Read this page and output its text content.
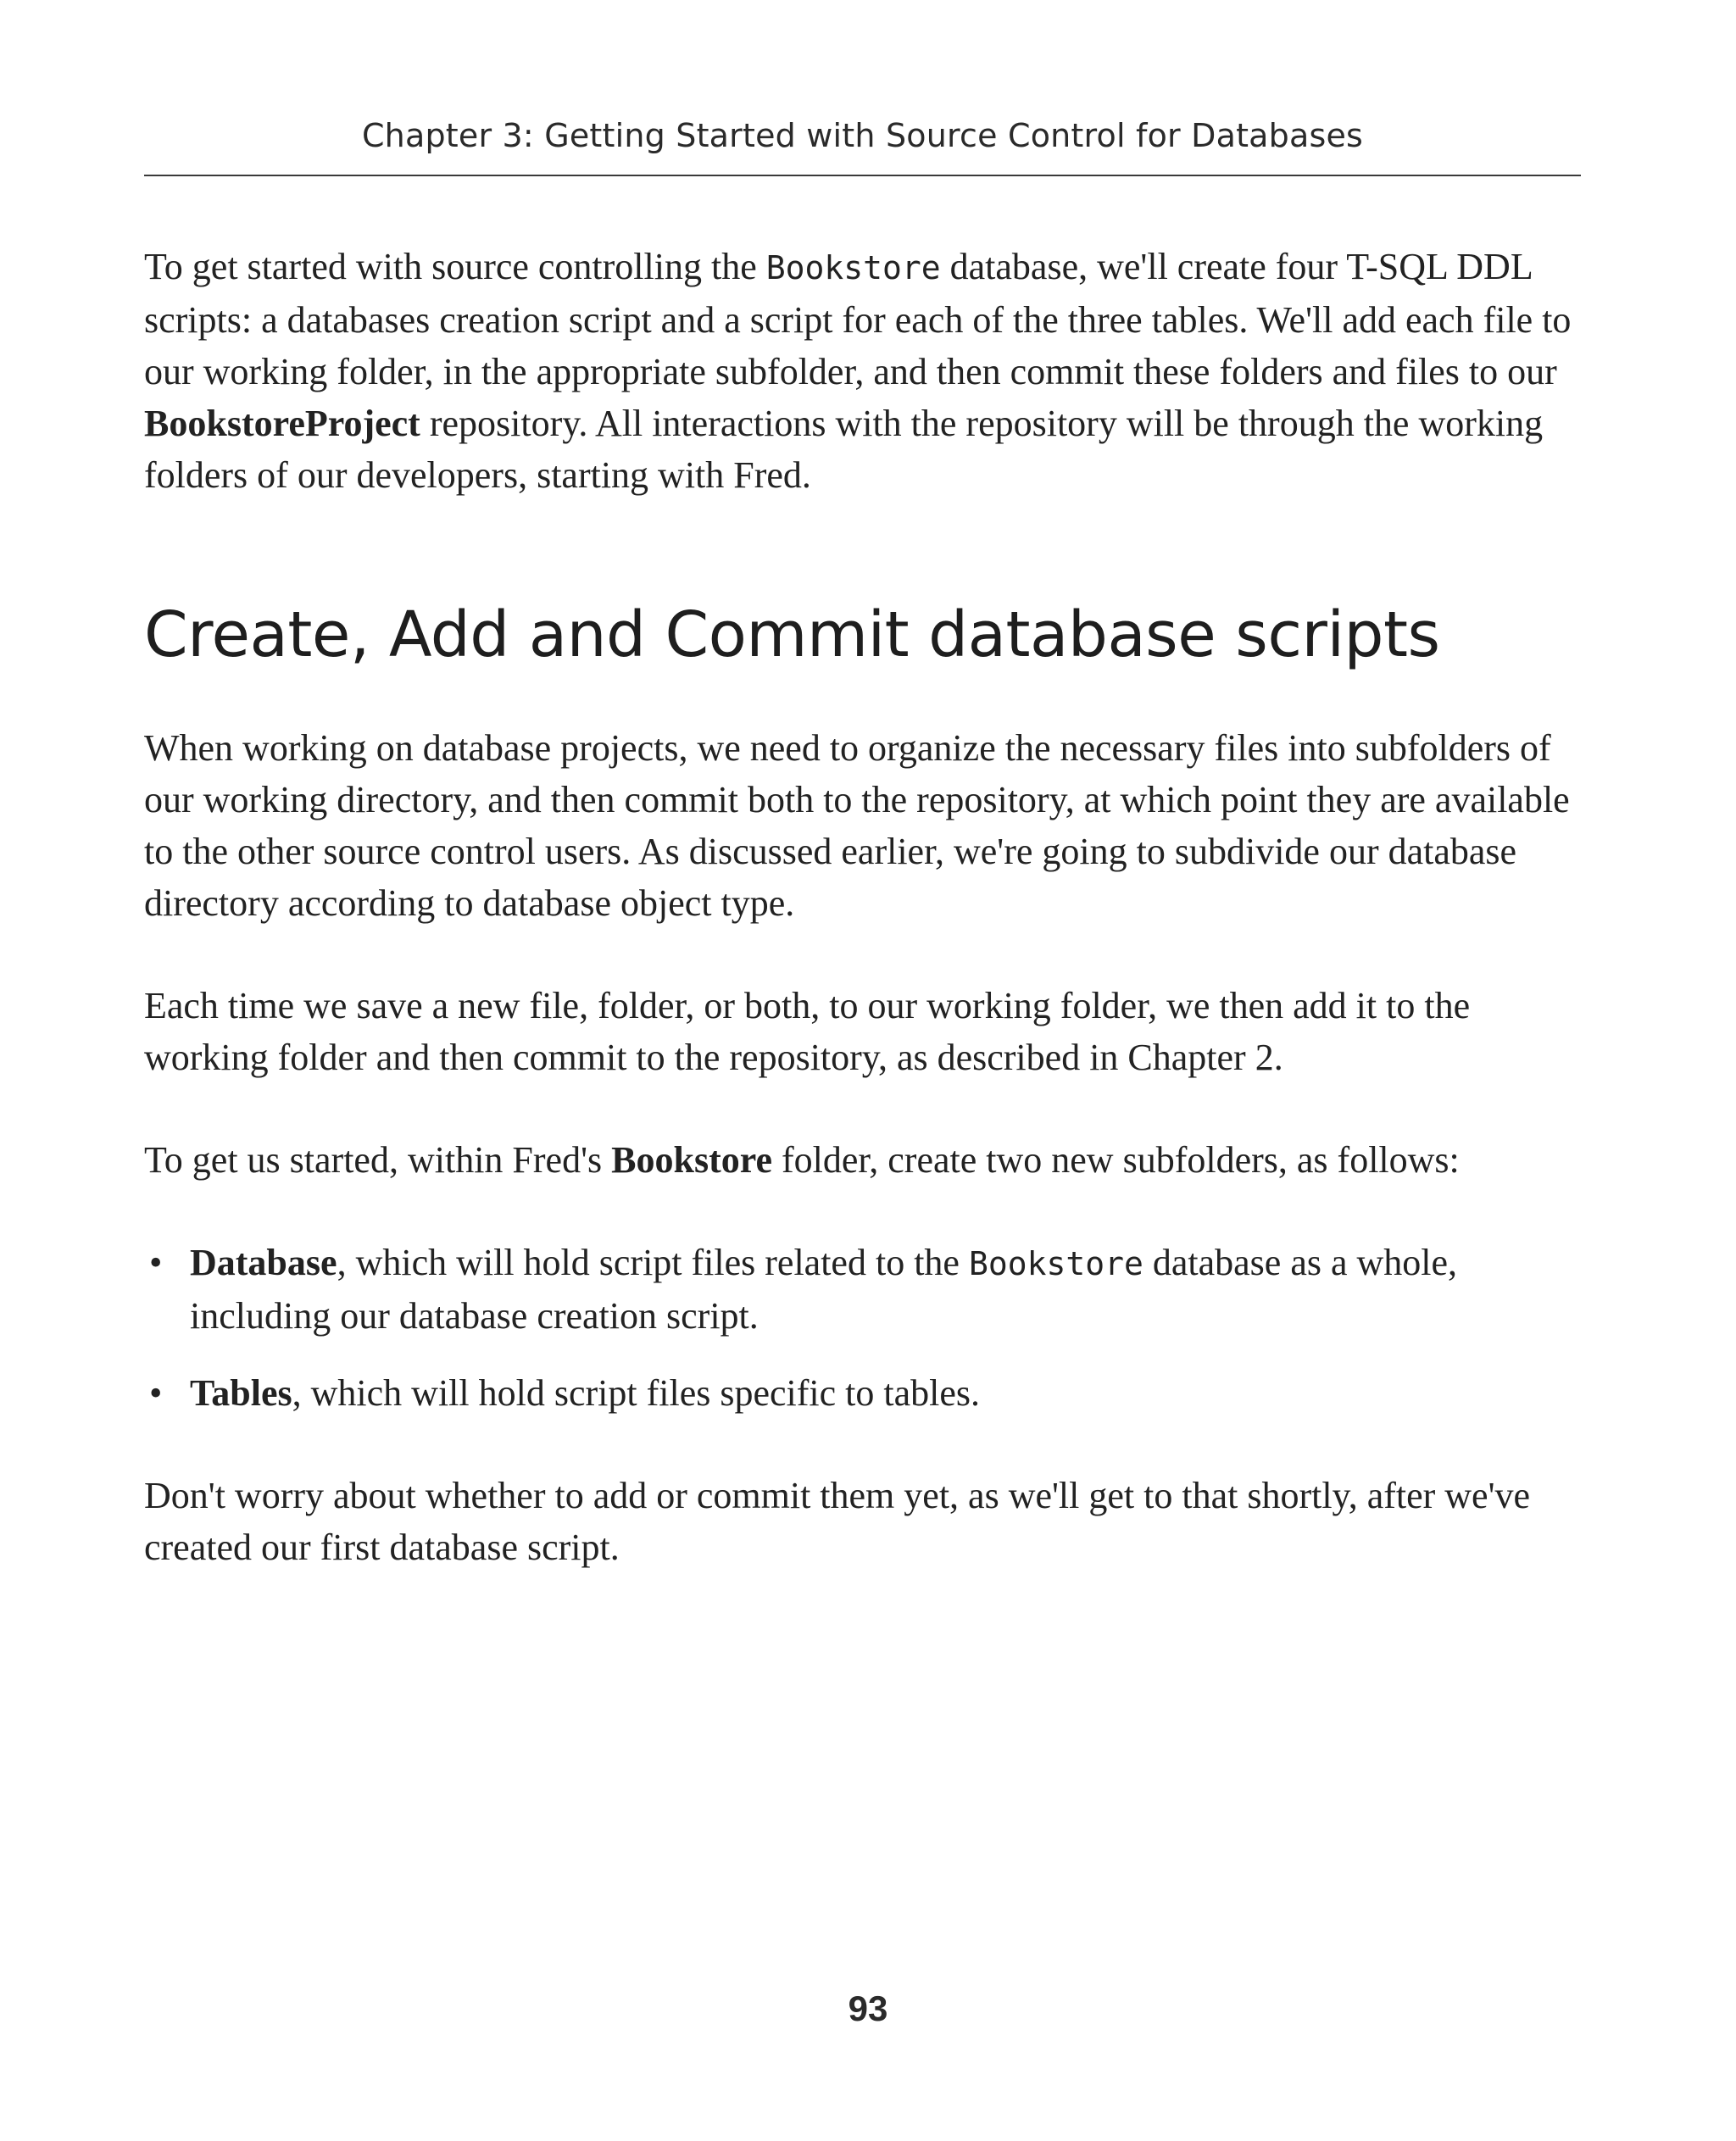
Chapter 3: Getting Started with Source Control for Databases

To get started with source controlling the Bookstore database, we'll create four T-SQL DDL scripts: a databases creation script and a script for each of the three tables. We'll add each file to our working folder, in the appropriate subfolder, and then commit these folders and files to our BookstoreProject repository. All interactions with the repository will be through the working folders of our developers, starting with Fred.

Create, Add and Commit database scripts

When working on database projects, we need to organize the necessary files into subfolders of our working directory, and then commit both to the repository, at which point they are available to the other source control users. As discussed earlier, we're going to subdivide our database directory according to database object type.

Each time we save a new file, folder, or both, to our working folder, we then add it to the working folder and then commit to the repository, as described in Chapter 2.

To get us started, within Fred's Bookstore folder, create two new subfolders, as follows:

• Database, which will hold script files related to the Bookstore database as a whole, including our database creation script.
• Tables, which will hold script files specific to tables.

Don't worry about whether to add or commit them yet, as we'll get to that shortly, after we've created our first database script.

93
